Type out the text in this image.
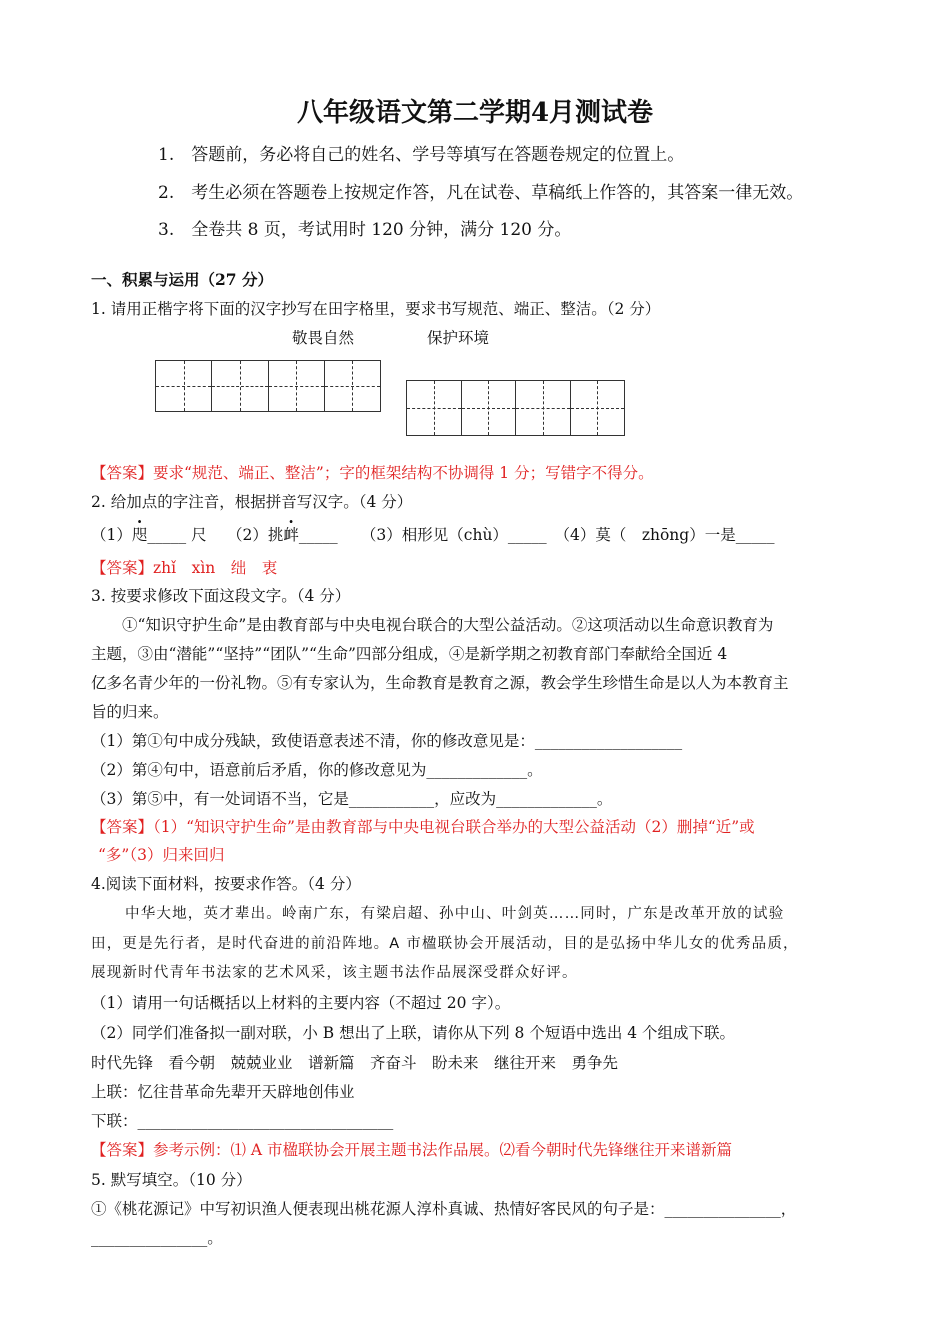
八年级语文第二学期4月测试卷
1.　答题前，务必将自己的姓名、学号等填写在答题卷规定的位置上。
2.　考生必须在答题卷上按规定作答，凡在试卷、草稿纸上作答的，其答案一律无效。
3.　全卷共 8 页，考试用时 120 分钟，满分 120 分。
一、积累与运用（27 分）
1. 请用正楷字将下面的汉字抄写在田字格里，要求书写规范、端正、整洁。（2 分）
敬畏自然	保护环境
【答案】要求“规范、端正、整洁”；字的框架结构不协调得 1 分；写错字不得分。
2. 给加点的字注音，根据拼音写汉字。（4 分）
（1）咫_____ 尺　 （2）挑衅_____　　 （3）相形见（chù）_____　 （4）莫（　zhōng）一是_____
【答案】zhǐ　xìn　绌　衷
3. 按要求修改下面这段文字。（4 分）
①“知识守护生命”是由教育部与中央电视台联合的大型公益活动。②这项活动以生命意识教育为
主题，③由“潜能”“坚持”“团队”“生命”四部分组成，④是新学期之初教育部门奉献给全国近 4
亿多名青少年的一份礼物。⑤有专家认为，生命教育是教育之源，教会学生珍惜生命是以人为本教育主
旨的归来。
（1）第①句中成分残缺，致使语意表述不清，你的修改意见是：___________________
（2）第④句中，语意前后矛盾，你的修改意见为_____________。
（3）第⑤中，有一处词语不当，它是___________，应改为_____________。
【答案】（1）“知识守护生命”是由教育部与中央电视台联合举办的大型公益活动（2）删掉“近”或
“多”（3）归来回归
4.阅读下面材料，按要求作答。（4 分）
中华大地，英才辈出。岭南广东，有梁启超、孙中山、叶剑英……同时，广东是改革开放的试验
田，更是先行者，是时代奋进的前沿阵地。A 市楹联协会开展活动，目的是弘扬中华儿女的优秀品质，
展现新时代青年书法家的艺术风采，该主题书法作品展深受群众好评。
（1）请用一句话概括以上材料的主要内容（不超过 20 字）。
（2）同学们准备拟一副对联，小 B 想出了上联，请你从下列 8 个短语中选出 4 个组成下联。
时代先锋　看今朝　兢兢业业　谱新篇　齐奋斗　盼未来　继往开来　勇争先
上联：忆往昔革命先辈开天辟地创伟业
下联：_________________________________
【答案】参考示例：⑴ A 市楹联协会开展主题书法作品展。⑵看今朝时代先锋继往开来谱新篇
5. 默写填空。（10 分）
①《桃花源记》中写初识渔人便表现出桃花源人淳朴真诚、热情好客民风的句子是：_______________，
_______________。
